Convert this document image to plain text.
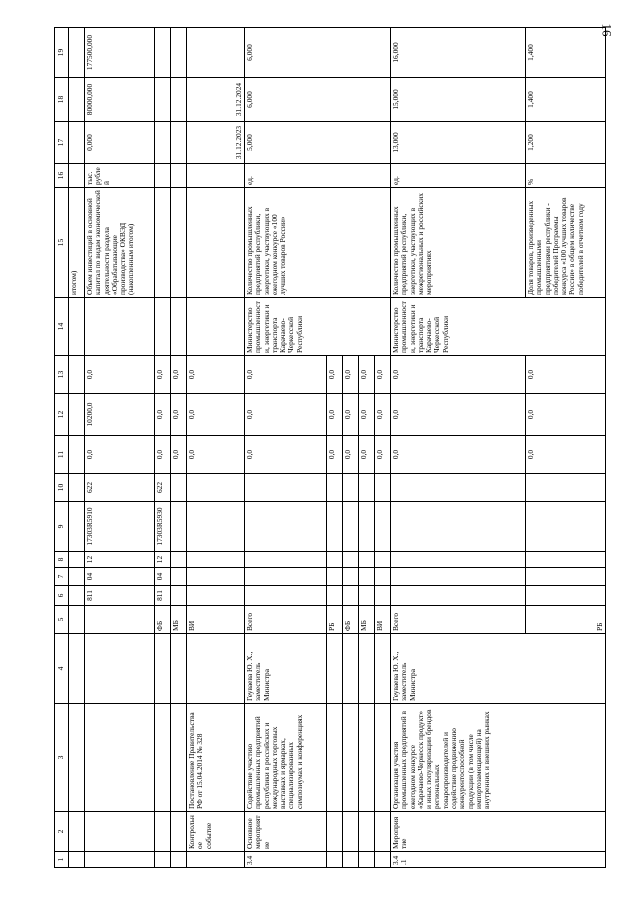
16
1	2	3	4	5	6	7	8	9	10	11	12	13	14	15	16	17	18	19
														итогом)				
					811	04	12	17303R5910	622	0,0	10200,0	0,0		Объем инвестиций в основной капитал по видам экономической деятельности раздела «Обрабатывающие производства» ОКВЭД (накопленным итогом)	тыс. рублей	0,000	80000,000	177500,000
				ФБ	811	04	12	17303R5930	622	0,0	0,0	0,0						
				МБ						0,0	0,0	0,0						
	Контрольное событие	Постановление Правительства РФ от 15.04.2014 № 328		ВИ						0,0	0,0	0,0				31.12.2023	31.12.2024	
3.4	Основное мероприятие	Содействие участию промышленных предприятий республики в российских и международных торговых выставках и ярмарках, специализированных симпозиумах и конференциях	Геуваева Ю. Х., заместитель Министра	Всего						0,0	0,0	0,0	Министерство промышленности, энергетики и транспорта Карачаево-Черкесской Республики	Количество промышленных предприятий республики, энергетики, участвующих в ежегодном конкурсе «100 лучших товаров России»	ед.	5,000	6,000	6,000
				РБ						0,0	0,0	0,0						
				ФБ						0,0	0,0	0,0						
				МБ						0,0	0,0	0,0						
				ВИ						0,0	0,0	0,0						
3.4.1	Мероприятие	Организация участия промышленных предприятий в ежегодном конкурсе «Карачаево-Черкесск продукт» и иных популяризации брендов региональных товаропроизводителей и содействие продвижению конкурентоспособной продукции (в том числе импортозамещающей) на внутренних и внешних рынках	Геуваева Ю. Х., заместитель Министра	Всего						0,0	0,0	0,0	Министерство промышленности, энергетики и транспорта Карачаево-Черкесской Республики	Количество промышленных предприятий республики, энергетики, участвующих в межрегиональных и российских мероприятиях	ед.	13,000	15,000	16,000
				РБ						0,0	0,0	0,0		Доля товаров, произведенных промышленными предприятиями республики - победителей Программы конкурса «100 лучших товаров России» в общем количестве победителей в отчетном году	%	1,200	1,400	1,400
